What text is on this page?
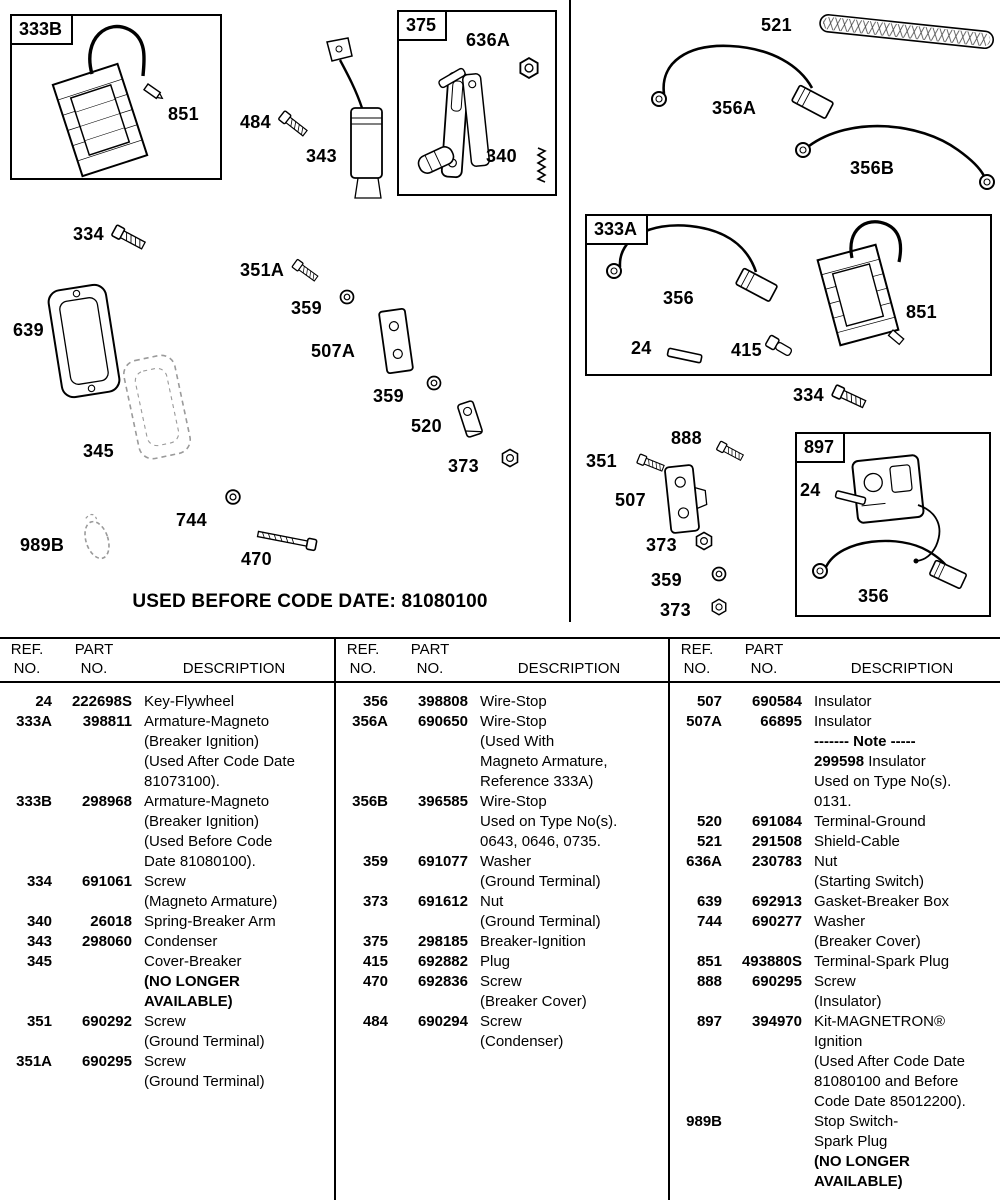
333B	375
333A
897
851 484
343
636A
340
521
356A
356B
356
851
24	415
334
351A
359
507A
639
359
520
345
373
744
989B
470
334
888
351
507	24
373
359
373
356
USED BEFORE CODE DATE: 81080100
REF.
NO.
PART
NO.	DESCRIPTION
24	222698S Key-Flywheel
333A	398811 Armature-Magneto
(Breaker Ignition)
(Used After Code Date
81073100).
333B	298968 Armature-Magneto
(Breaker Ignition)
(Used Before Code
Date 81080100).
334	691061 Screw
(Magneto Armature)
340	26018 Spring-Breaker Arm
343	298060 Condenser
345	Cover-Breaker
(NO LONGER
AVAILABLE)
351	690292 Screw
(Ground Terminal)
351A	690295 Screw
(Ground Terminal)
REF.
NO.
PART
NO.	DESCRIPTION
356	398808 Wire-Stop
356A	690650 Wire-Stop
(Used With
Magneto Armature,
Reference 333A)
356B	396585 Wire-Stop
Used on Type No(s).
0643, 0646, 0735.
359	691077 Washer
(Ground Terminal)
373	691612 Nut
(Ground Terminal)
375	298185 Breaker-Ignition
415	692882 Plug
470	692836 Screw
(Breaker Cover)
484	690294 Screw
(Condenser)
REF.
NO.
PART
NO.	DESCRIPTION
507	690584 Insulator
507A	66895 Insulator
------- Note -----
299598 Insulator
Used on Type No(s).
0131.
520	691084 Terminal-Ground
521	291508 Shield-Cable
636A	230783 Nut
(Starting Switch)
639	692913 Gasket-Breaker Box
744	690277 Washer
(Breaker Cover)
851	493880S Terminal-Spark Plug
888	690295 Screw
(Insulator)
897	394970 Kit-MAGNETRON®
Ignition
(Used After Code Date
81080100 and Before
Code Date 85012200).
989B	Stop Switch-
Spark Plug
(NO LONGER
AVAILABLE)
